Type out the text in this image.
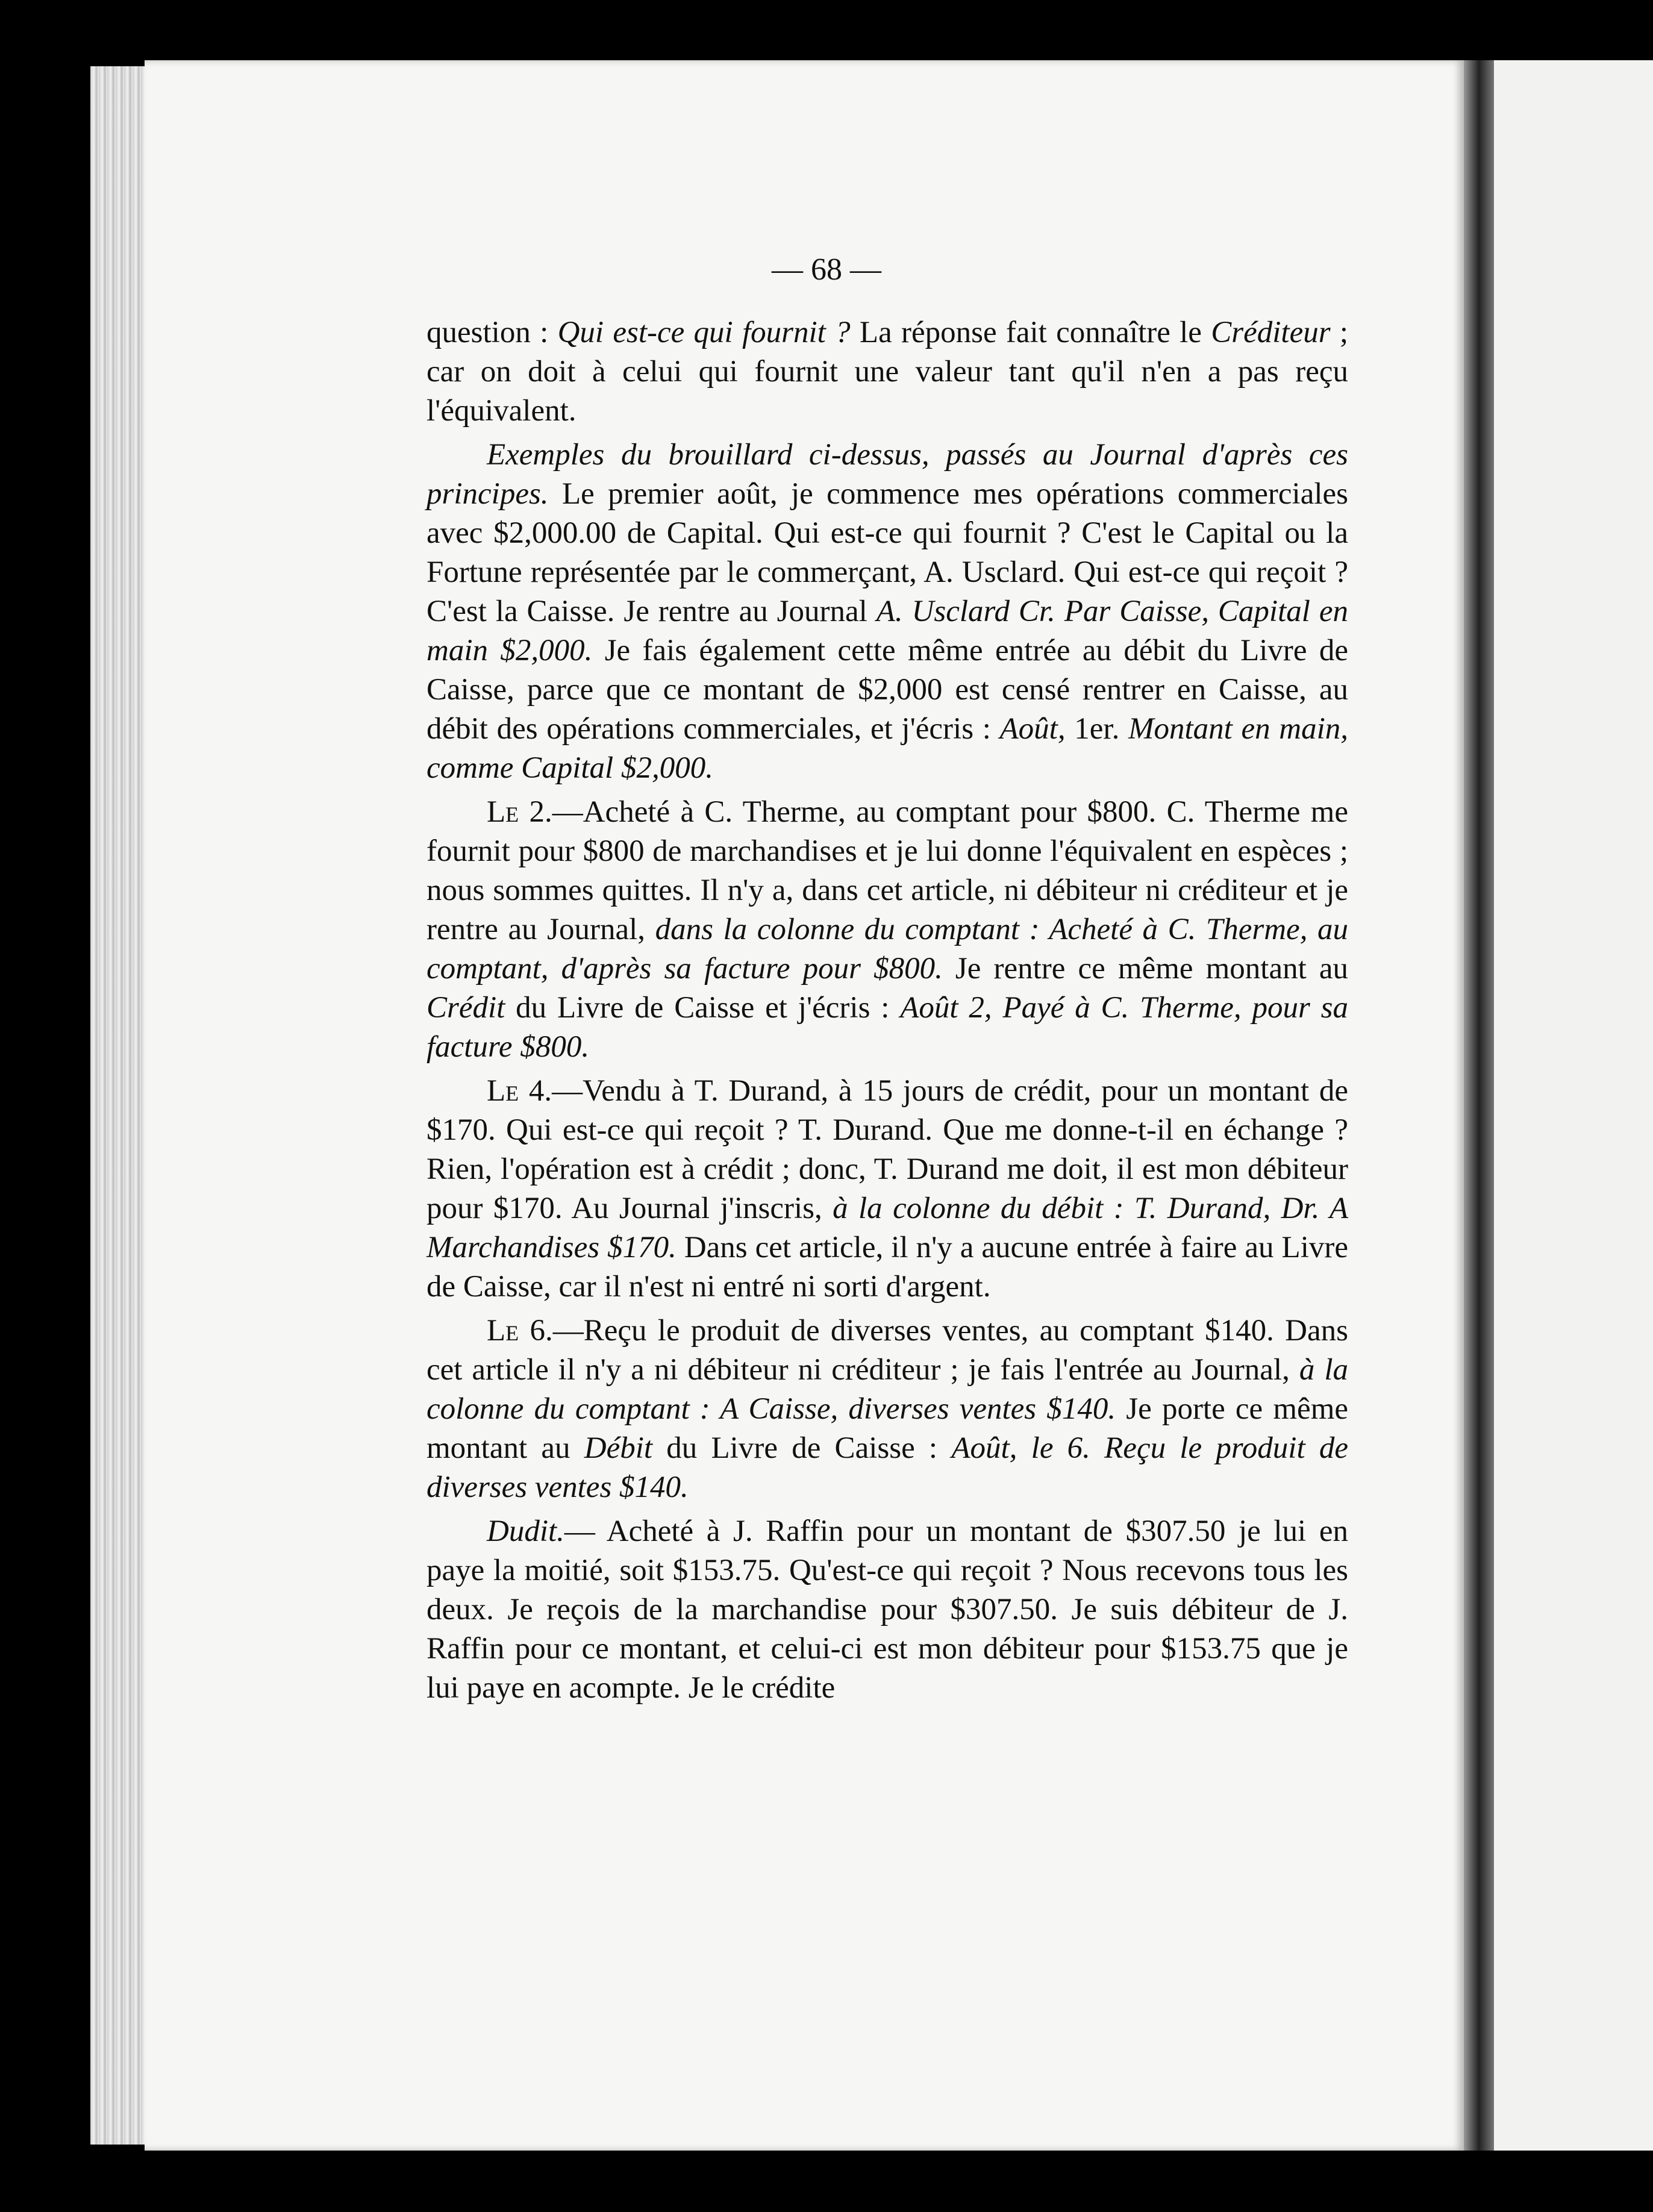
— 68 —

question : Qui est-ce qui fournit ? La réponse fait connaître le Créditeur ; car on doit à celui qui fournit une valeur tant qu'il n'en a pas reçu l'équivalent.

Exemples du brouillard ci-dessus, passés au Journal d'après ces principes. Le premier août, je commence mes opérations commerciales avec $2,000.00 de Capital. Qui est-ce qui fournit ? C'est le Capital ou la Fortune représentée par le commerçant, A. Usclard. Qui est-ce qui reçoit ? C'est la Caisse. Je rentre au Journal A. Usclard Cr. Par Caisse, Capital en main $2,000. Je fais également cette même entrée au débit du Livre de Caisse, parce que ce montant de $2,000 est censé rentrer en Caisse, au débit des opérations commerciales, et j'écris : Août, 1er. Montant en main, comme Capital $2,000.

Le 2.—Acheté à C. Therme, au comptant pour $800. C. Therme me fournit pour $800 de marchandises et je lui donne l'équivalent en espèces ; nous sommes quittes. Il n'y a, dans cet article, ni débiteur ni créditeur et je rentre au Journal, dans la colonne du comptant : Acheté à C. Therme, au comptant, d'après sa facture pour $800. Je rentre ce même montant au Crédit du Livre de Caisse et j'écris : Août 2, Payé à C. Therme, pour sa facture $800.

Le 4.—Vendu à T. Durand, à 15 jours de crédit, pour un montant de $170. Qui est-ce qui reçoit ? T. Durand. Que me donne-t-il en échange ? Rien, l'opération est à crédit ; donc, T. Durand me doit, il est mon débiteur pour $170. Au Journal j'inscris, à la colonne du débit : T. Durand, Dr. A Marchandises $170. Dans cet article, il n'y a aucune entrée à faire au Livre de Caisse, car il n'est ni entré ni sorti d'argent.

Le 6.—Reçu le produit de diverses ventes, au comptant $140. Dans cet article il n'y a ni débiteur ni créditeur ; je fais l'entrée au Journal, à la colonne du comptant : A Caisse, diverses ventes $140. Je porte ce même montant au Débit du Livre de Caisse : Août, le 6. Reçu le produit de diverses ventes $140.

Dudit.— Acheté à J. Raffin pour un montant de $307.50 je lui en paye la moitié, soit $153.75. Qu'est-ce qui reçoit ? Nous recevons tous les deux. Je reçois de la marchandise pour $307.50. Je suis débiteur de J. Raffin pour ce montant, et celui-ci est mon débiteur pour $153.75 que je lui paye en acompte. Je le crédite
